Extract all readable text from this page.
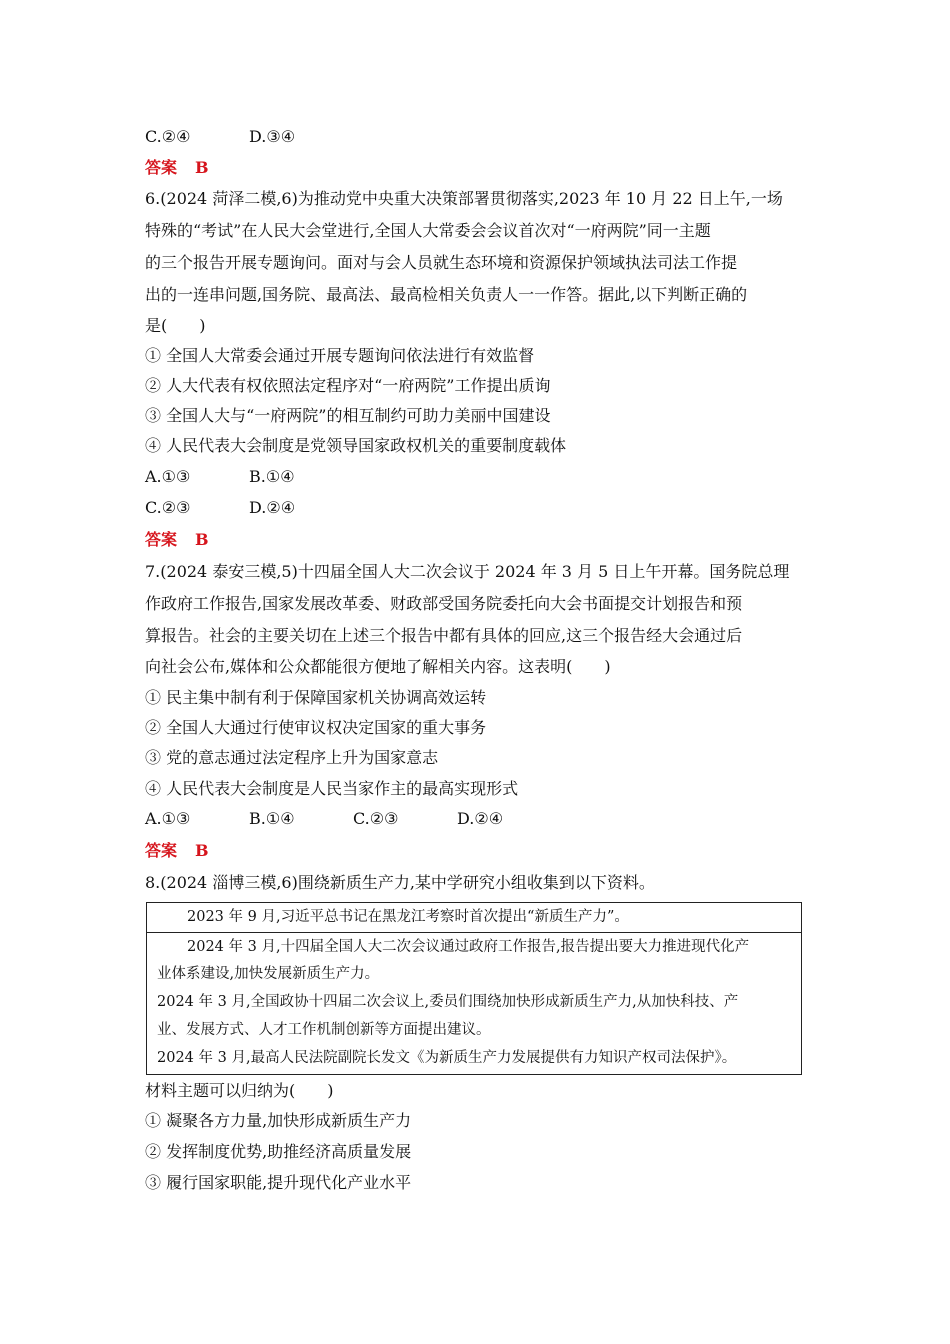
C.②④	D.③④
答案 B
6.(2024 菏泽二模,6)为推动党中央重大决策部署贯彻落实,2023 年 10 月 22 日上午,一场
特殊的“考试”在人民大会堂进行,全国人大常委会会议首次对“一府两院”同一主题
的三个报告开展专题询问。面对与会人员就生态环境和资源保护领域执法司法工作提
出的一连串问题,国务院、最高法、最高检相关负责人一一作答。据此,以下判断正确的
是(　　)
① 全国人大常委会通过开展专题询问依法进行有效监督
② 人大代表有权依照法定程序对“一府两院”工作提出质询
③ 全国人大与“一府两院”的相互制约可助力美丽中国建设
④ 人民代表大会制度是党领导国家政权机关的重要制度载体
A.①③	B.①④
C.②③	D.②④
答案 B
7.(2024 泰安三模,5)十四届全国人大二次会议于 2024 年 3 月 5 日上午开幕。国务院总理
作政府工作报告,国家发展改革委、财政部受国务院委托向大会书面提交计划报告和预
算报告。社会的主要关切在上述三个报告中都有具体的回应,这三个报告经大会通过后
向社会公布,媒体和公众都能很方便地了解相关内容。这表明(　　)
① 民主集中制有利于保障国家机关协调高效运转
② 全国人大通过行使审议权决定国家的重大事务
③ 党的意志通过法定程序上升为国家意志
④ 人民代表大会制度是人民当家作主的最高实现形式
A.①③	B.①④	C.②③	D.②④
答案 B
8.(2024 淄博三模,6)围绕新质生产力,某中学研究小组收集到以下资料。
2023 年 9 月,习近平总书记在黑龙江考察时首次提出“新质生产力”。
2024 年 3 月,十四届全国人大二次会议通过政府工作报告,报告提出要大力推进现代化产
业体系建设,加快发展新质生产力。
2024 年 3 月,全国政协十四届二次会议上,委员们围绕加快形成新质生产力,从加快科技、产
业、发展方式、人才工作机制创新等方面提出建议。
2024 年 3 月,最高人民法院副院长发文《为新质生产力发展提供有力知识产权司法保护》。
材料主题可以归纳为(　　)
① 凝聚各方力量,加快形成新质生产力
② 发挥制度优势,助推经济高质量发展
③ 履行国家职能,提升现代化产业水平
